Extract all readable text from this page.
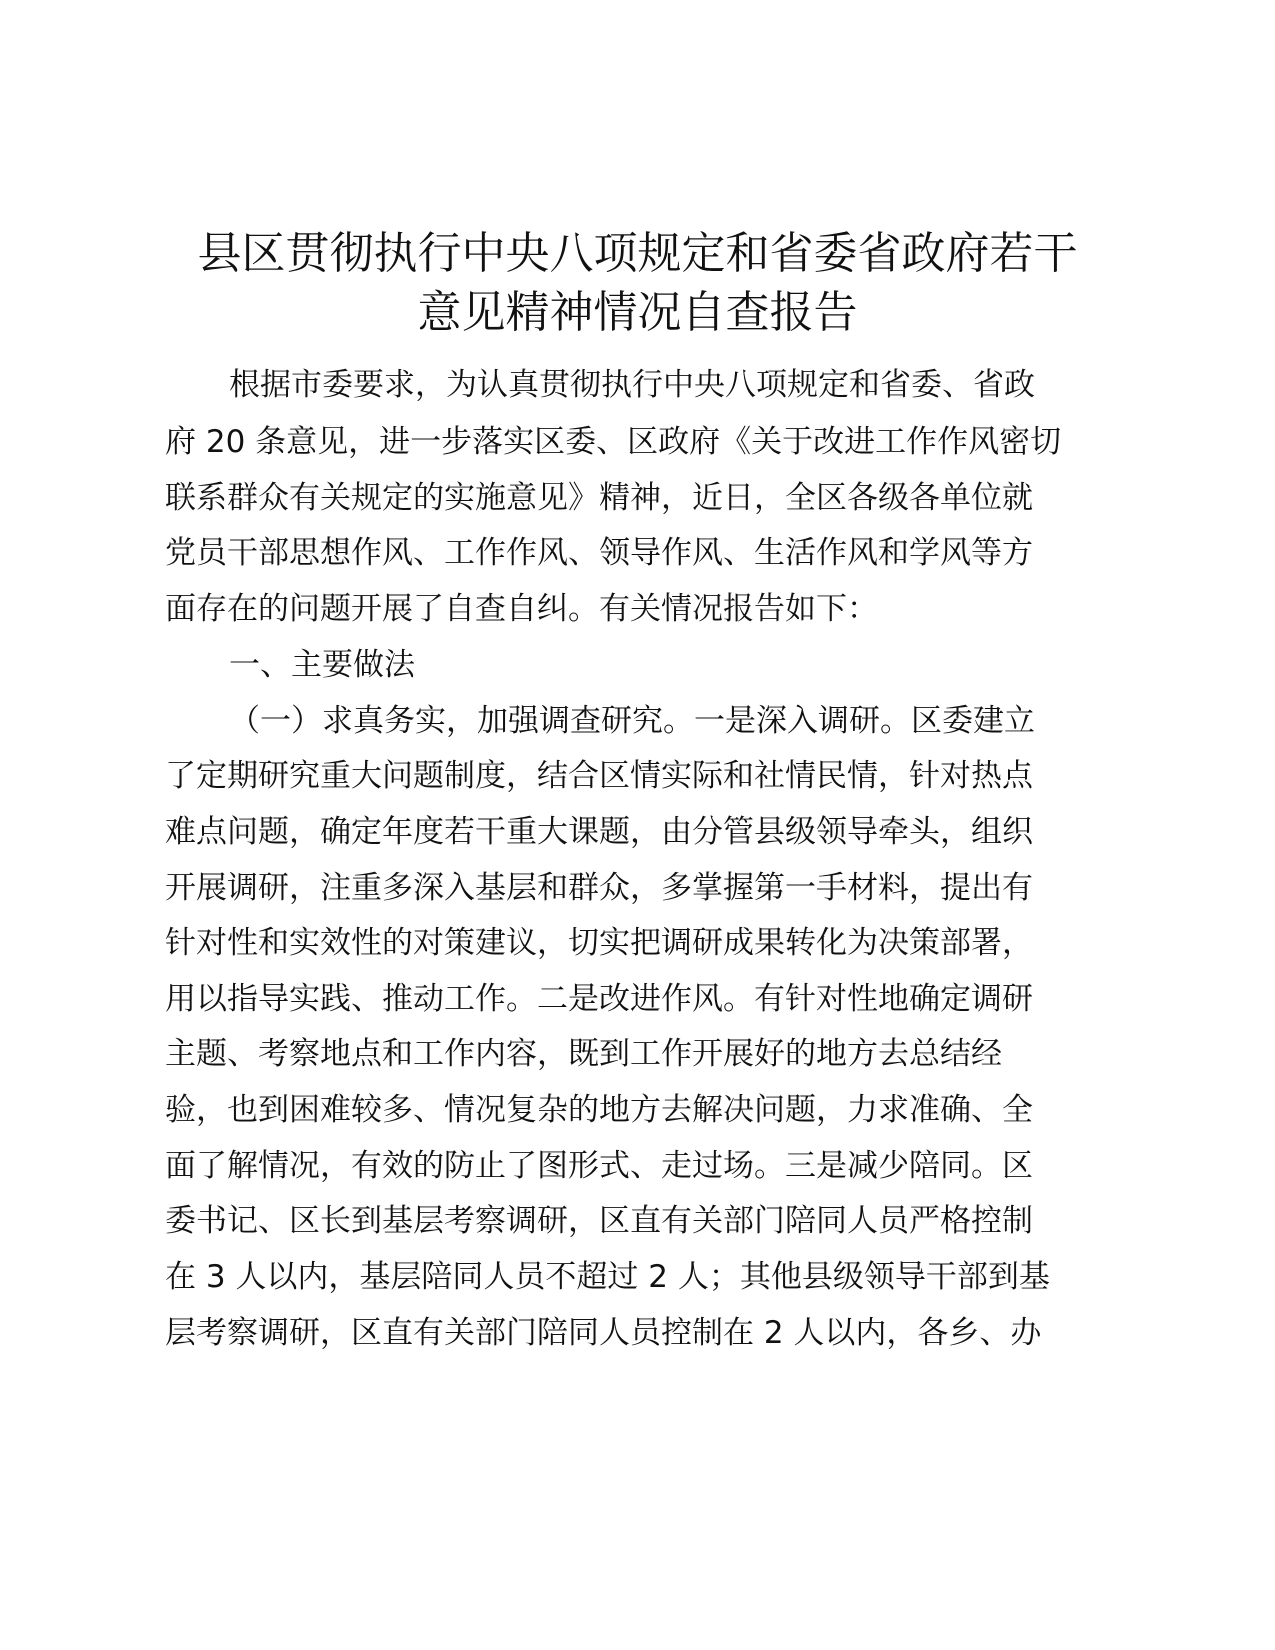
县区贯彻执行中央八项规定和省委省政府若干
意见精神情况自查报告
根据市委要求，为认真贯彻执行中央八项规定和省委、省政
府 20 条意见，进一步落实区委、区政府《关于改进工作作风密切
联系群众有关规定的实施意见》精神，近日，全区各级各单位就
党员干部思想作风、工作作风、领导作风、生活作风和学风等方
面存在的问题开展了自查自纠。有关情况报告如下：
一、主要做法
（一）求真务实，加强调查研究。一是深入调研。区委建立
了定期研究重大问题制度，结合区情实际和社情民情，针对热点
难点问题，确定年度若干重大课题，由分管县级领导牵头，组织
开展调研，注重多深入基层和群众，多掌握第一手材料，提出有
针对性和实效性的对策建议，切实把调研成果转化为决策部署，
用以指导实践、推动工作。二是改进作风。有针对性地确定调研
主题、考察地点和工作内容，既到工作开展好的地方去总结经
验，也到困难较多、情况复杂的地方去解决问题，力求准确、全
面了解情况，有效的防止了图形式、走过场。三是减少陪同。区
委书记、区长到基层考察调研，区直有关部门陪同人员严格控制
在 3 人以内，基层陪同人员不超过 2 人；其他县级领导干部到基
层考察调研，区直有关部门陪同人员控制在 2 人以内，各乡、办
